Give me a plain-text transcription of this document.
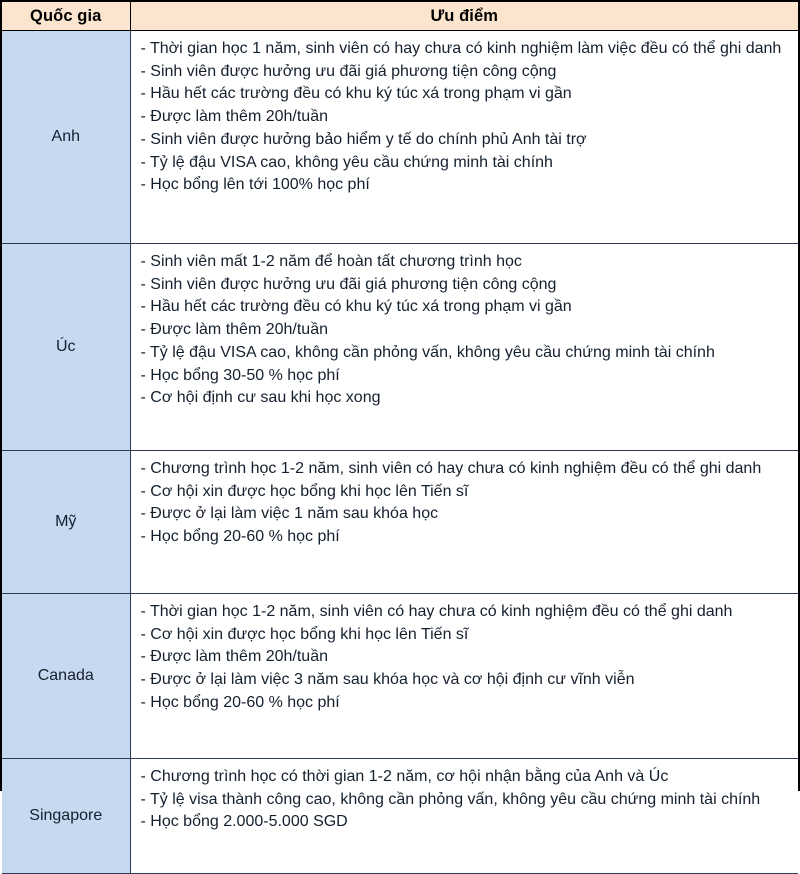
Quốc gia	Ưu điểm
Anh	
- Thời gian học 1 năm, sinh viên có hay chưa có kinh nghiệm làm việc đều có thể ghi danh
- Sinh viên được hưởng ưu đãi giá phương tiện công cộng
- Hầu hết các trường đều có khu ký túc xá trong phạm vi gần
- Được làm thêm 20h/tuần
- Sinh viên được hưởng bảo hiểm y tế do chính phủ Anh tài trợ
- Tỷ lệ đậu VISA cao, không yêu cầu chứng minh tài chính
- Học bổng lên tới 100% học phí

Úc	
- Sinh viên mất 1-2 năm để hoàn tất chương trình học
- Sinh viên được hưởng ưu đãi giá phương tiện công cộng
- Hầu hết các trường đều có khu ký túc xá trong phạm vi gần
- Được làm thêm 20h/tuần
- Tỷ lệ đậu VISA cao, không cần phỏng vấn, không yêu cầu chứng minh tài chính
- Học bổng 30-50 % học phí
- Cơ hội định cư sau khi học xong

Mỹ	
- Chương trình học 1-2 năm, sinh viên có hay chưa có kinh nghiệm đều có thể ghi danh
- Cơ hội xin được học bổng khi học lên Tiến sĩ
- Được ở lại làm việc 1 năm sau khóa học
- Học bổng 20-60 % học phí

Canada	
- Thời gian học 1-2 năm, sinh viên có hay chưa có kinh nghiệm đều có thể ghi danh
- Cơ hội xin được học bổng khi học lên Tiến sĩ
- Được làm thêm 20h/tuần
- Được ở lại làm việc 3 năm sau khóa học và cơ hội định cư vĩnh viễn
- Học bổng 20-60 % học phí

Singapore	
- Chương trình học có thời gian 1-2 năm, cơ hội nhận bằng của Anh và Úc
- Tỷ lệ visa thành công cao, không cần phỏng vấn, không yêu cầu chứng minh tài chính
- Học bổng 2.000-5.000 SGD
